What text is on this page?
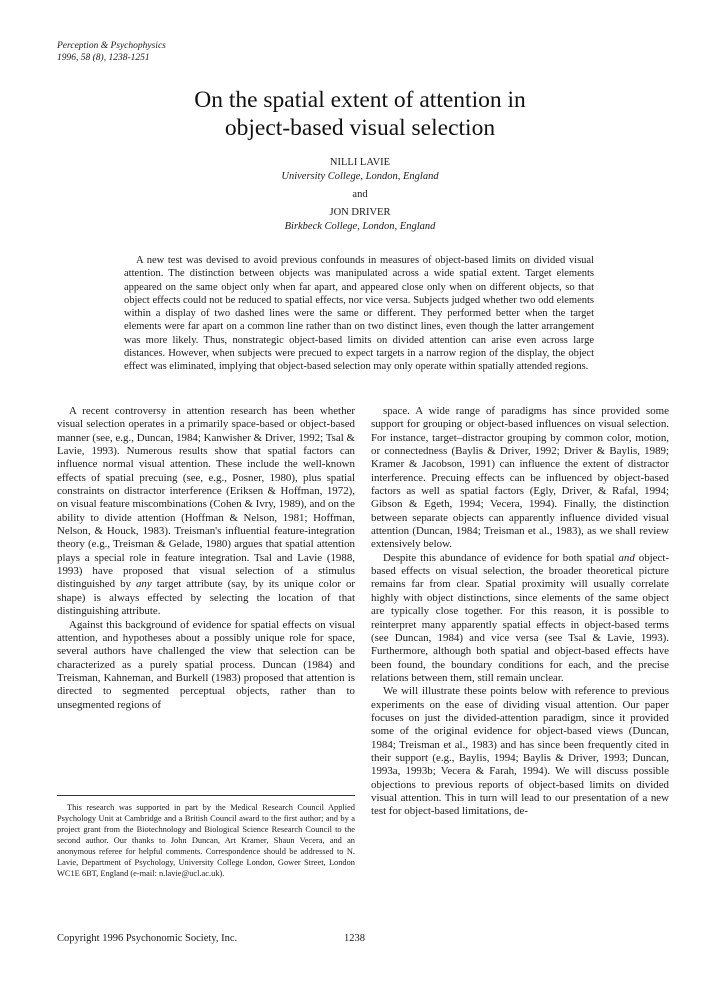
Perception & Psychophysics
1996, 58 (8), 1238-1251
On the spatial extent of attention in
object-based visual selection
NILLI LAVIE
University College, London, England
and
JON DRIVER
Birkbeck College, London, England

A new test was devised to avoid previous confounds in measures of object-based limits on divided visual attention. The distinction between objects was manipulated across a wide spatial extent. Target elements appeared on the same object only when far apart, and appeared close only when on different objects, so that object effects could not be reduced to spatial effects, nor vice versa. Subjects judged whether two odd elements within a display of two dashed lines were the same or different. They performed better when the target elements were far apart on a common line rather than on two distinct lines, even though the latter arrangement was more likely. Thus, nonstrategic object-based limits on divided attention can arise even across large distances. However, when subjects were precued to expect targets in a narrow region of the display, the object effect was eliminated, implying that object-based selection may only operate within spatially attended regions.

A recent controversy in attention research has been whether visual selection operates in a primarily space-based or object-based manner (see, e.g., Duncan, 1984; Kanwisher & Driver, 1992; Tsal & Lavie, 1993). Numerous results show that spatial factors can influence normal visual attention. These include the well-known effects of spatial precuing (see, e.g., Posner, 1980), plus spatial constraints on distractor interference (Eriksen & Hoffman, 1972), on visual feature miscombinations (Cohen & Ivry, 1989), and on the ability to divide attention (Hoffman & Nelson, 1981; Hoffman, Nelson, & Houck, 1983). Treisman's influential feature-integration theory (e.g., Treisman & Gelade, 1980) argues that spatial attention plays a special role in feature integration. Tsal and Lavie (1988, 1993) have proposed that visual selection of a stimulus distinguished by any target attribute (say, by its unique color or shape) is always effected by selecting the location of that distinguishing attribute.

Against this background of evidence for spatial effects on visual attention, and hypotheses about a possibly unique role for space, several authors have challenged the view that selection can be characterized as a purely spatial process. Duncan (1984) and Treisman, Kahneman, and Burkell (1983) proposed that attention is directed to segmented perceptual objects, rather than to unsegmented regions of

space. A wide range of paradigms has since provided some support for grouping or object-based influences on visual selection. For instance, target–distractor grouping by common color, motion, or connectedness (Baylis & Driver, 1992; Driver & Baylis, 1989; Kramer & Jacobson, 1991) can influence the extent of distractor interference. Precuing effects can be influenced by object-based factors as well as spatial factors (Egly, Driver, & Rafal, 1994; Gibson & Egeth, 1994; Vecera, 1994). Finally, the distinction between separate objects can apparently influence divided visual attention (Duncan, 1984; Treisman et al., 1983), as we shall review extensively below.

Despite this abundance of evidence for both spatial and object-based effects on visual selection, the broader theoretical picture remains far from clear. Spatial proximity will usually correlate highly with object distinctions, since elements of the same object are typically close together. For this reason, it is possible to reinterpret many apparently spatial effects in object-based terms (see Duncan, 1984) and vice versa (see Tsal & Lavie, 1993). Furthermore, although both spatial and object-based effects have been found, the boundary conditions for each, and the precise relations between them, still remain unclear.

We will illustrate these points below with reference to previous experiments on the ease of dividing visual attention. Our paper focuses on just the divided-attention paradigm, since it provided some of the original evidence for object-based views (Duncan, 1984; Treisman et al., 1983) and has since been frequently cited in their support (e.g., Baylis, 1994; Baylis & Driver, 1993; Duncan, 1993a, 1993b; Vecera & Farah, 1994). We will discuss possible objections to previous reports of object-based limits on divided visual attention. This in turn will lead to our presentation of a new test for object-based limitations, de-

This research was supported in part by the Medical Research Council Applied Psychology Unit at Cambridge and a British Council award to the first author; and by a project grant from the Biotechnology and Biological Science Research Council to the second author. Our thanks to John Duncan, Art Kramer, Shaun Vecera, and an anonymous referee for helpful comments. Correspondence should be addressed to N. Lavie, Department of Psychology, University College London, Gower Street, London WC1E 6BT, England (e-mail: n.lavie@ucl.ac.uk).

Copyright 1996 Psychonomic Society, Inc.	1238
